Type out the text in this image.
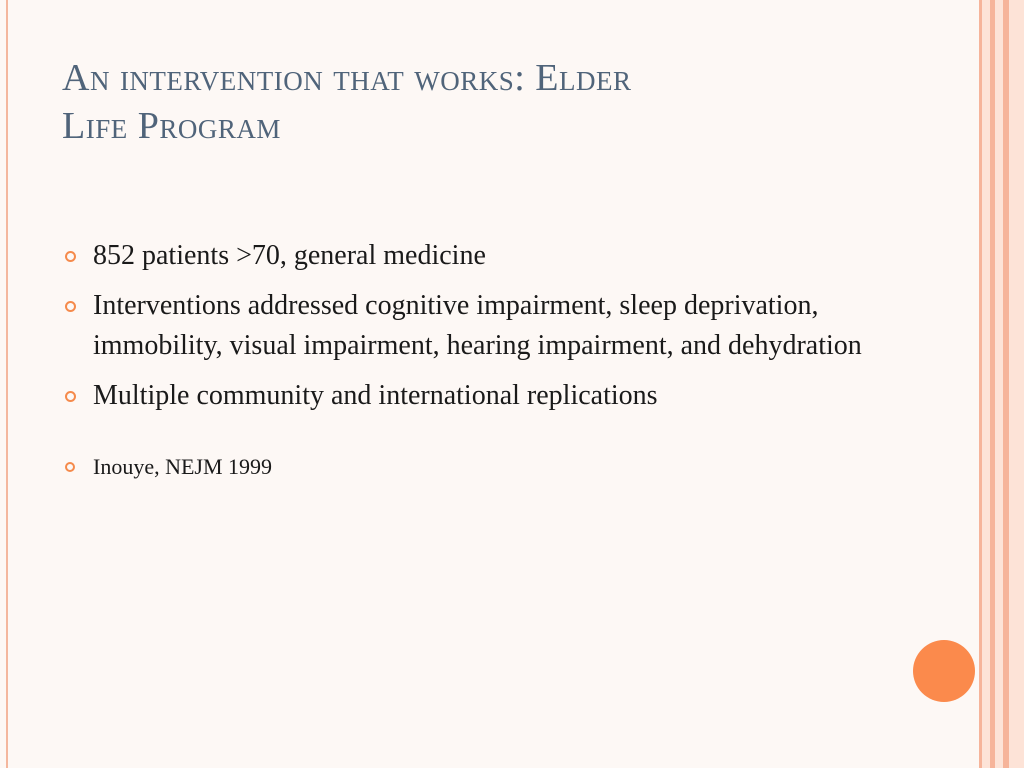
An intervention that works: Elder
Life Program
852 patients >70, general medicine
Interventions addressed cognitive impairment, sleep deprivation, immobility, visual impairment, hearing impairment, and dehydration
Multiple community and international replications
Inouye, NEJM 1999
